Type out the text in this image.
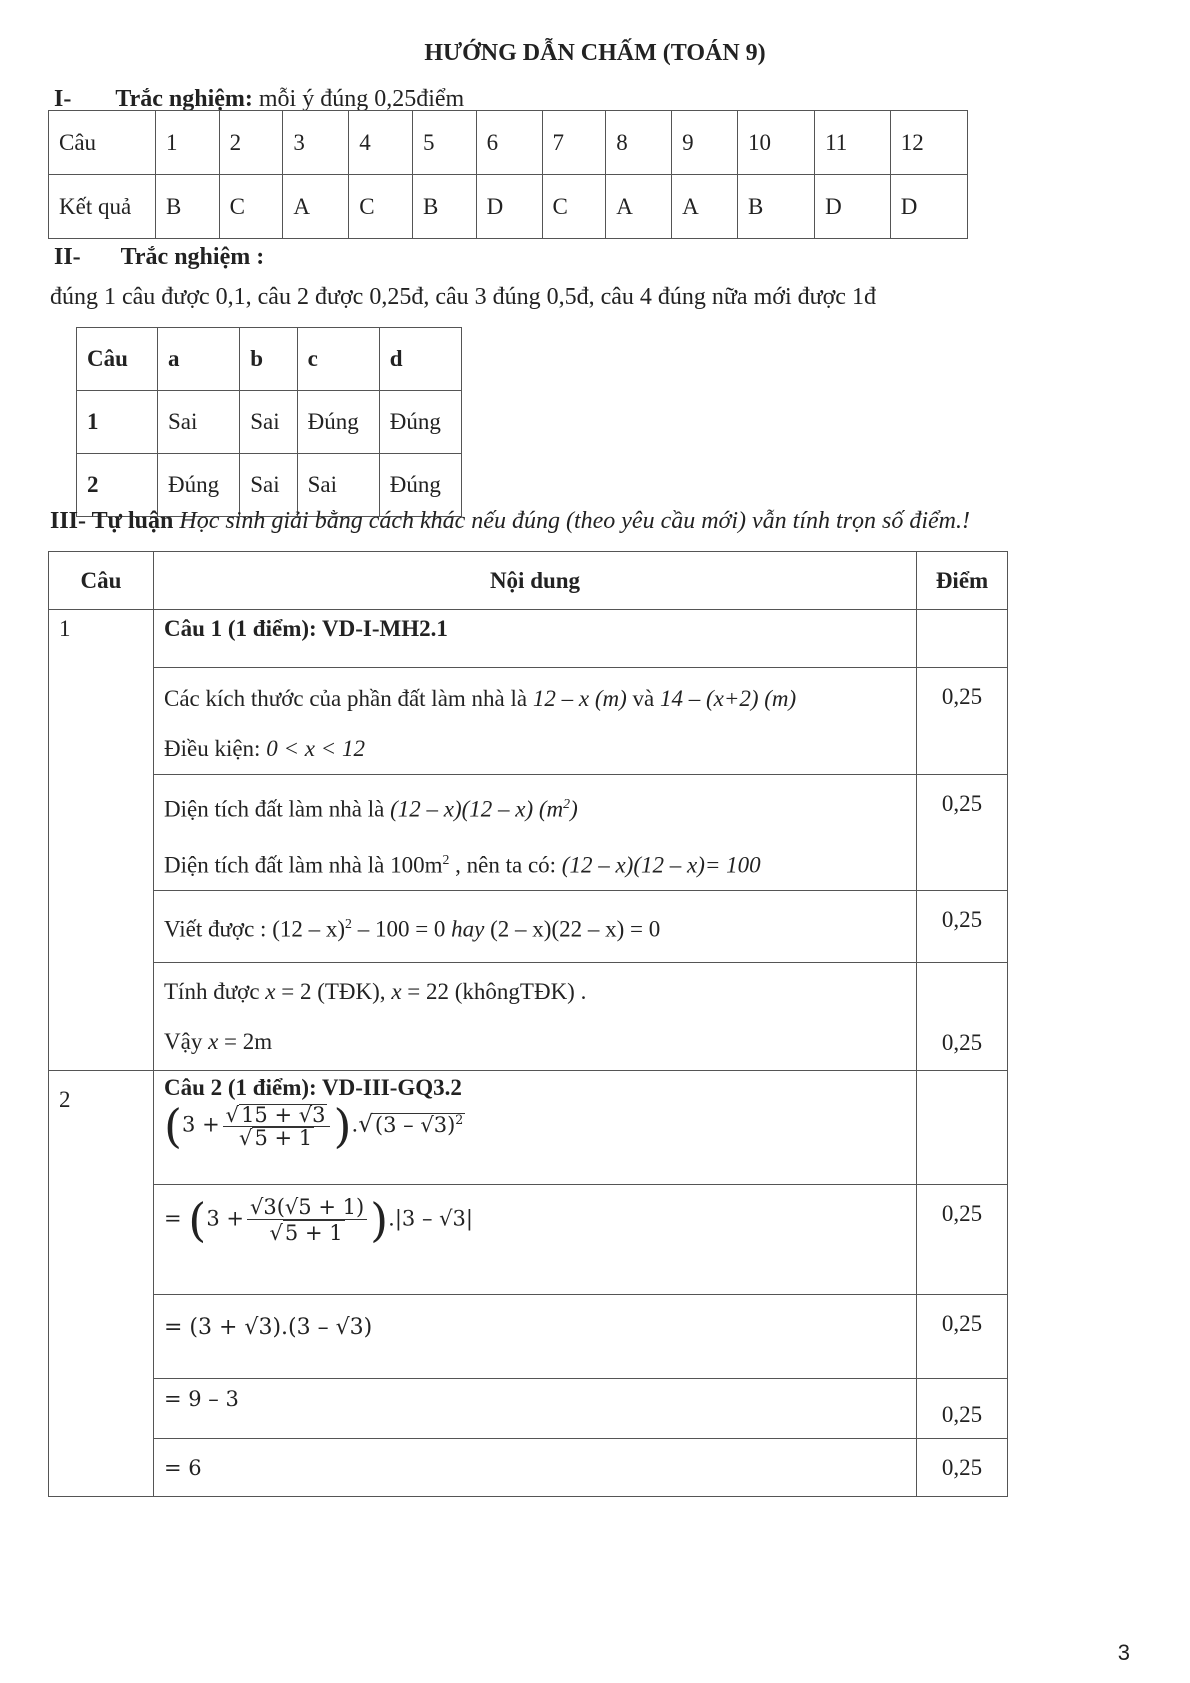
HƯỚNG DẪN CHẤM (TOÁN 9)
I- Trắc nghiệm: mỗi ý đúng 0,25điểm
Câu	1	2	3	4	5	6	7	8	9	10	11	12
Kết quả	B	C	A	C	B	D	C	A	A	B	D	D
II- Trắc nghiệm :
đúng 1 câu được 0,1, câu 2 được 0,25đ, câu 3 đúng 0,5đ, câu 4 đúng nữa mới được 1đ
Câu	a	b	c	d
1	Sai	Sai	Đúng	Đúng
2	Đúng	Sai	Sai	Đúng
III- Tự luận Học sinh giải bằng cách khác nếu đúng (theo yêu cầu mới) vẫn tính trọn số điểm.!
Câu	Nội dung	Điểm
1	Câu 1 (1 điểm): VD-I-MH2.1	

	Các kích thước của phần đất làm nhà là 12 – x (m) và 14 – (x+2) (m)
Điều kiện: 0 < x < 12	0,25

	Diện tích đất làm nhà là (12 – x)(12 – x) $(m^2)$
Diện tích đất làm nhà là $100m^2$ , nên ta có: (12 – x)(12 – x)= 100	0,25

	Viết được : (12 – x)$^2$ – 100 = 0 hay (2 – x)(22 – x) = 0	0,25

	Tính được x = 2 (TĐK), x = 22 (khôngTĐK) .
Vậy x = 2m	0,25
2	Câu 2 (1 điểm): VD-III-GQ3.2
$(3 + \frac{√15 + √3}{√5 + 1} ).√(3 - √3)^2$

	= $(3 + \frac{√3(√5 + 1)}{√5 + 1} ).|3 - √3|$	0,25
	= (3 + √3).(3 – √3)	0,25
	= 9 – 3	0,25
	= 6	0,25
3
